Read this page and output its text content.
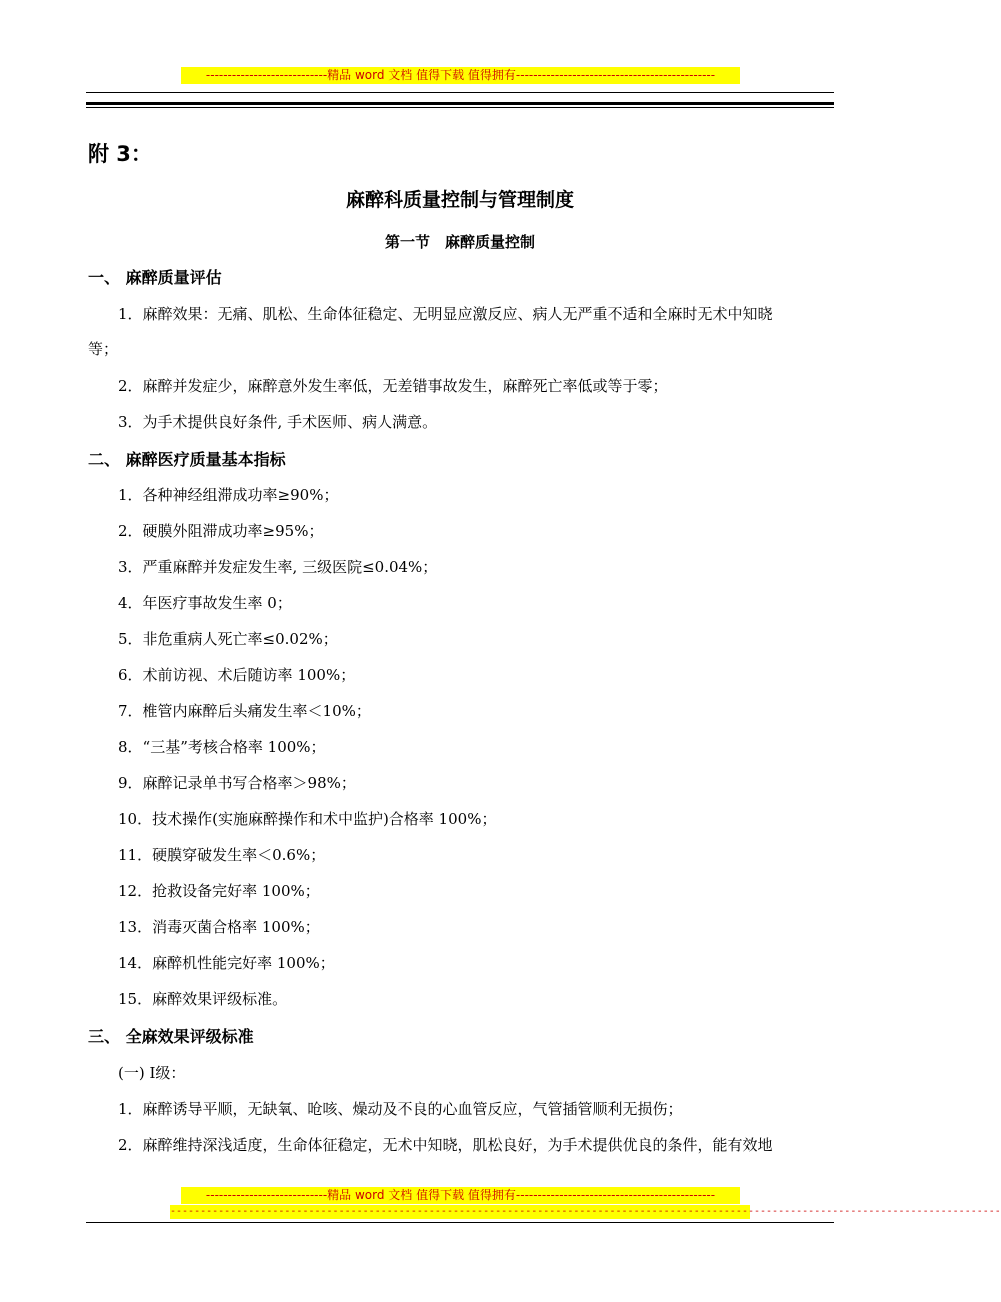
----------------------------精品 word 文档 值得下载 值得拥有----------------------------------------------
附 3：
麻醉科质量控制与管理制度
第一节　麻醉质量控制
一、 麻醉质量评估
1．麻醉效果：无痛、肌松、生命体征稳定、无明显应激反应、病人无严重不适和全麻时无术中知晓
等；
2．麻醉并发症少，麻醉意外发生率低，无差错事故发生，麻醉死亡率低或等于零；
3．为手术提供良好条件, 手术医师、病人满意。
二、 麻醉医疗质量基本指标
1．各种神经组滞成功率≥90%；
2．硬膜外阻滞成功率≥95%；
3．严重麻醉并发症发生率, 三级医院≤0.04%；
4．年医疗事故发生率 0；
5．非危重病人死亡率≤0.02%；
6．术前访视、术后随访率 100%；
7．椎管内麻醉后头痛发生率＜10%；
8．“三基”考核合格率 100%；
9．麻醉记录单书写合格率＞98%；
10．技术操作(实施麻醉操作和术中监护)合格率 100%；
11．硬膜穿破发生率＜0.6%；
12．抢救设备完好率 100%；
13．消毒灭菌合格率 100%；
14．麻醉机性能完好率 100%；
15．麻醉效果评级标准。
三、 全麻效果评级标准
(一) Ⅰ级：
1．麻醉诱导平顺，无缺氧、呛咳、燥动及不良的心血管反应，气管插管顺利无损伤；
2．麻醉维持深浅适度，生命体征稳定，无术中知晓，肌松良好，为手术提供优良的条件，能有效地
----------------------------精品 word 文档 值得下载 值得拥有----------------------------------------------
------------------------------------------------------------------------------------------------------------------------------------------
